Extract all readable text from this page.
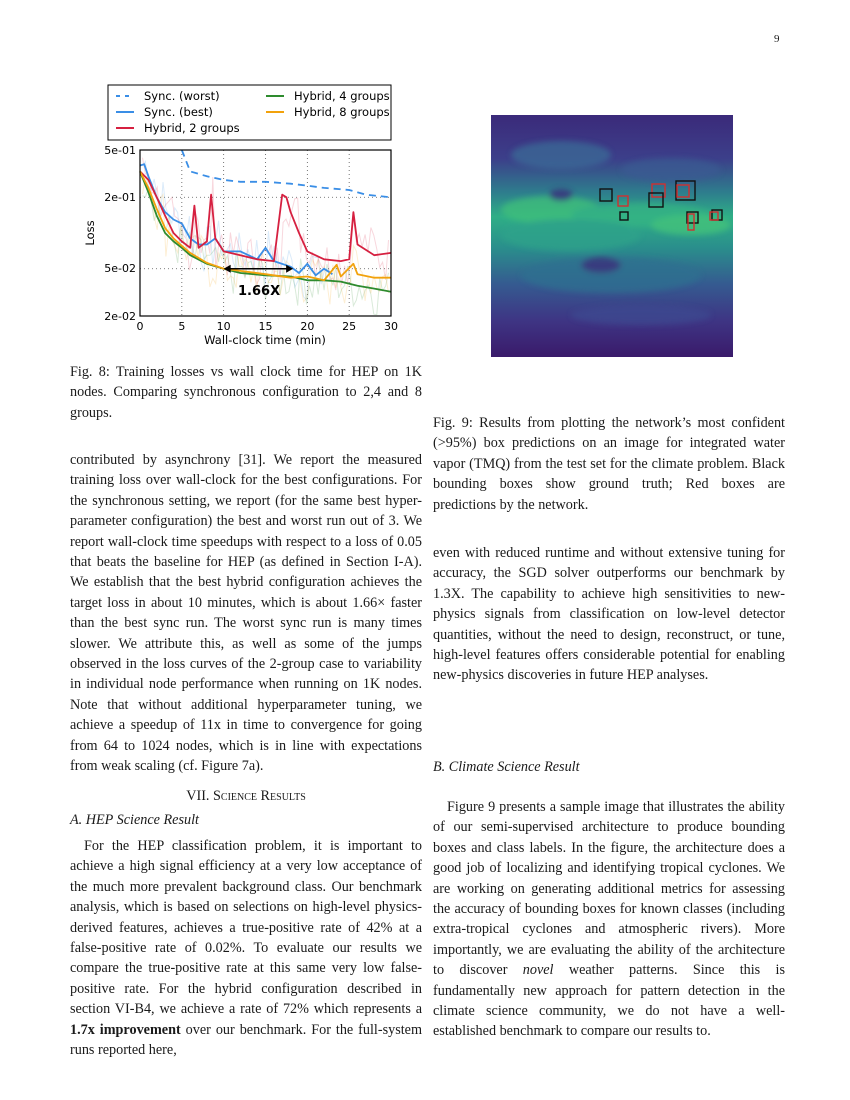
9
Sync. (worst)
Sync. (best)
Hybrid, 2 groups
Hybrid, 4 groups
Hybrid, 8 groups
5e-01
2e-01
5e-02
2e-02
0	5	10	15	20	25	30
Wall-clock time (min)
Loss
1.66X
Fig. 8: Training losses vs wall clock time for HEP on 1K nodes. Comparing synchronous configuration to 2,4 and 8 groups.
Fig. 9: Results from plotting the network’s most confident (>95%) box predictions on an image for integrated water vapor (TMQ) from the test set for the climate problem. Black bounding boxes show ground truth; Red boxes are predictions by the network.

contributed by asynchrony [31]. We report the measured training loss over wall-clock for the best configurations. For the synchronous setting, we report (for the same best hyper-parameter configuration) the best and worst run out of 3. We report wall-clock time speedups with respect to a loss of 0.05 that beats the baseline for HEP (as defined in Section I-A). We establish that the best hybrid configuration achieves the target loss in about 10 minutes, which is about 1.66× faster than the best sync run. The worst sync run is many times slower. We attribute this, as well as some of the jumps observed in the loss curves of the 2-group case to variability in individual node performance when running on 1K nodes. Note that without additional hyperparameter tuning, we achieve a speedup of 11x in time to convergence for going from 64 to 1024 nodes, which is in line with expectations from weak scaling (cf. Figure 7a).

VII. Science Results
A. HEP Science Result

For the HEP classification problem, it is important to achieve a high signal efficiency at a very low acceptance of the much more prevalent background class. Our benchmark analysis, which is based on selections on high-level physics-derived features, achieves a true-positive rate of 42% at a false-positive rate of 0.02%. To evaluate our results we compare the true-positive rate at this same very low false-positive rate. For the hybrid configuration described in section VI-B4, we achieve a rate of 72% which represents a 1.7x improvement over our benchmark. For the full-system runs reported here,

even with reduced runtime and without extensive tuning for accuracy, the SGD solver outperforms our benchmark by 1.3X. The capability to achieve high sensitivities to new-physics signals from classification on low-level detector quantities, without the need to design, reconstruct, or tune, high-level features offers considerable potential for enabling new-physics discoveries in future HEP analyses.

B. Climate Science Result

Figure 9 presents a sample image that illustrates the ability of our semi-supervised architecture to produce bounding boxes and class labels. In the figure, the architecture does a good job of localizing and identifying tropical cyclones. We are working on generating additional metrics for assessing the accuracy of bounding boxes for known classes (including extra-tropical cyclones and atmospheric rivers). More importantly, we are evaluating the ability of the architecture to discover novel weather patterns. Since this is fundamentally new approach for pattern detection in the climate science community, we do not have a well-established benchmark to compare our results to.
